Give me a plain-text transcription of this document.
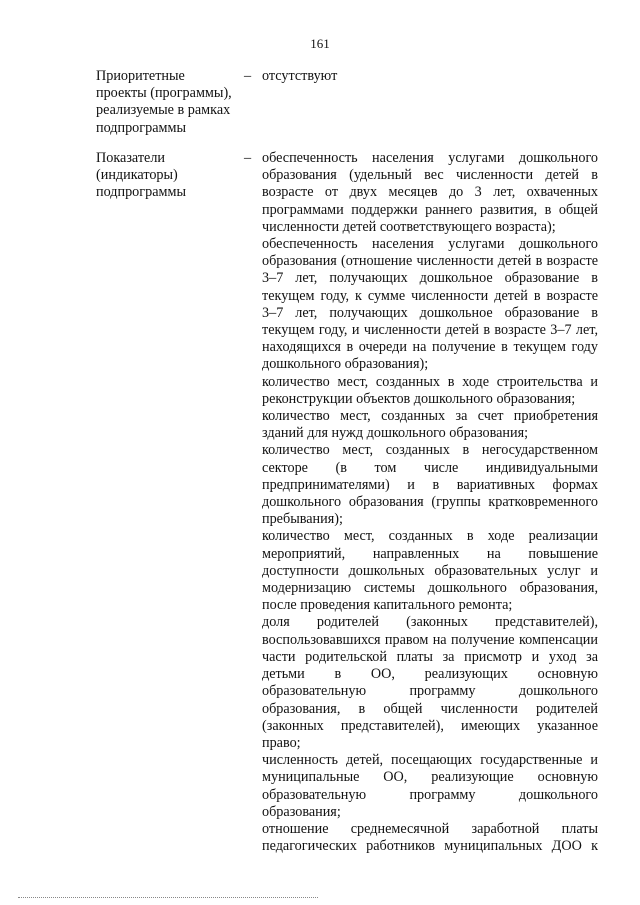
161
Приоритетные проекты (программы), реализуемые в рамках подпрограммы
– отсутствуют

Показатели (индикаторы) подпрограммы
– обеспеченность населения услугами дошкольного образования (удельный вес численности детей в возрасте от двух месяцев до 3 лет, охваченных программами поддержки раннего развития, в общей численности детей соответствующего возраста);

обеспеченность населения услугами дошкольного образования (отношение численности детей в возрасте 3–7 лет, получающих дошкольное образование в текущем году, к сумме численности детей в возрасте 3–7 лет, получающих дошкольное образование в текущем году, и численности детей в возрасте 3–7 лет, находящихся в очереди на получение в текущем году дошкольного образования);

количество мест, созданных в ходе строительства и реконструкции объектов дошкольного образования;

количество мест, созданных за счет приобретения зданий для нужд дошкольного образования;

количество мест, созданных в негосударственном секторе (в том числе индивидуальными предпринимателями) и в вариативных формах дошкольного образования (группы кратковременного пребывания);

количество мест, созданных в ходе реализации мероприятий, направленных на повышение доступности дошкольных образовательных услуг и модернизацию системы дошкольного образования, после проведения капитального ремонта;

доля родителей (законных представителей), воспользовавшихся правом на получение компенсации части родительской платы за присмотр и уход за детьми в ОО, реализующих основную образовательную программу дошкольного образования, в общей численности родителей (законных представителей), имеющих указанное право;

численность детей, посещающих государственные и муниципальные ОО, реализующие основную образовательную программу дошкольного образования;

отношение среднемесячной заработной платы педагогических работников муниципальных ДОО к
